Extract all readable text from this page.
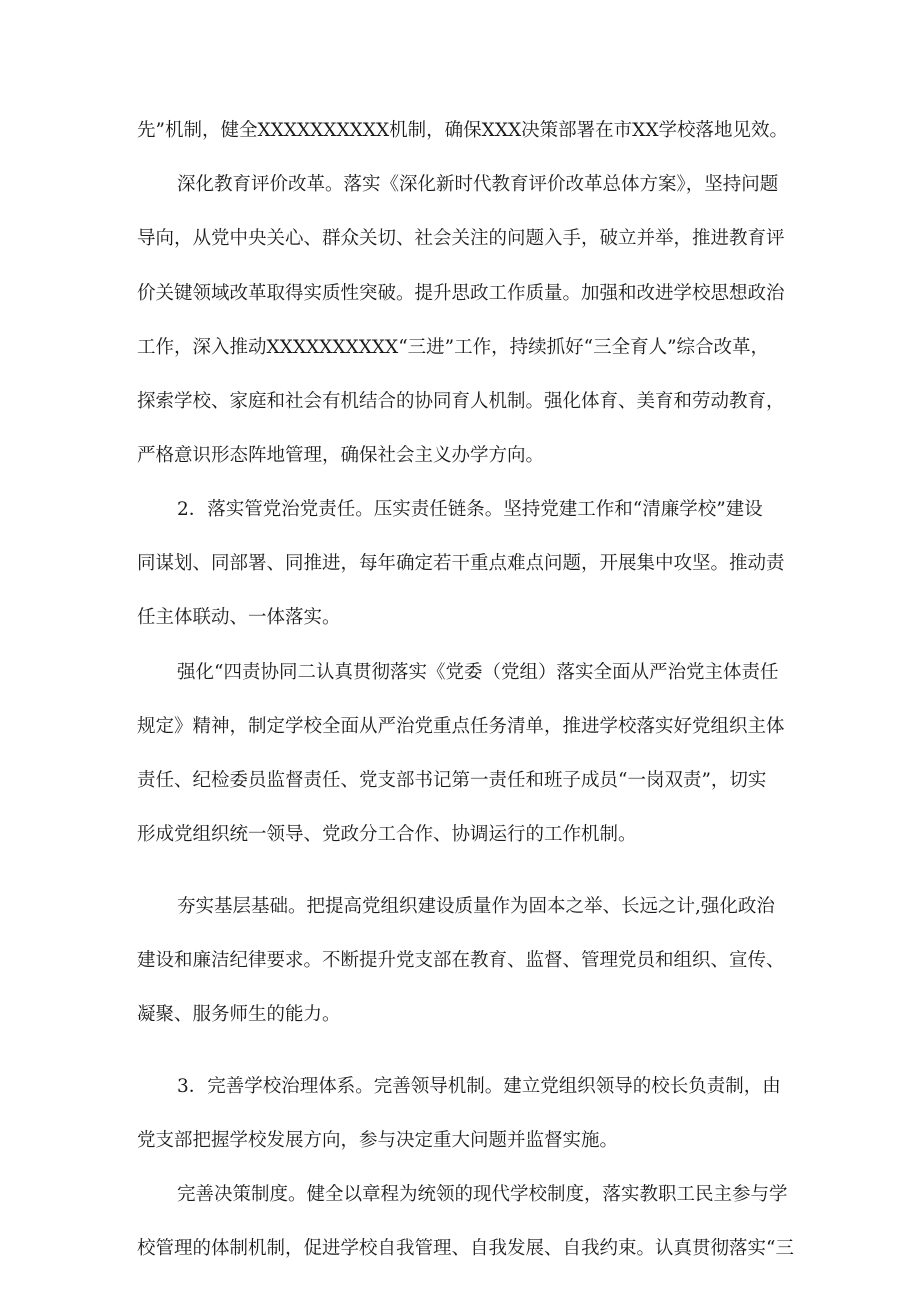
先”机制，健全XXXXXXXXXX机制，确保XXX决策部署在市XX学校落地见效。
深化教育评价改革。落实《深化新时代教育评价改革总体方案》，坚持问题
导向，从党中央关心、群众关切、社会关注的问题入手，破立并举，推进教育评
价关键领域改革取得实质性突破。提升思政工作质量。加强和改进学校思想政治
工作，深入推动XXXXXXXXXX“三进”工作，持续抓好“三全育人”综合改革，
探索学校、家庭和社会有机结合的协同育人机制。强化体育、美育和劳动教育，
严格意识形态阵地管理，确保社会主义办学方向。
2．落实管党治党责任。压实责任链条。坚持党建工作和“清廉学校”建设
同谋划、同部署、同推进，每年确定若干重点难点问题，开展集中攻坚。推动责
任主体联动、一体落实。
强化“四责协同二认真贯彻落实《党委（党组）落实全面从严治党主体责任
规定》精神，制定学校全面从严治党重点任务清单，推进学校落实好党组织主体
责任、纪检委员监督责任、党支部书记第一责任和班子成员“一岗双责”，切实
形成党组织统一领导、党政分工合作、协调运行的工作机制。
夯实基层基础。把提高党组织建设质量作为固本之举、长远之计,强化政治
建设和廉洁纪律要求。不断提升党支部在教育、监督、管理党员和组织、宣传、
凝聚、服务师生的能力。
3．完善学校治理体系。完善领导机制。建立党组织领导的校长负责制，由
党支部把握学校发展方向，参与决定重大问题并监督实施。
完善决策制度。健全以章程为统领的现代学校制度，落实教职工民主参与学
校管理的体制机制，促进学校自我管理、自我发展、自我约束。认真贯彻落实“三
